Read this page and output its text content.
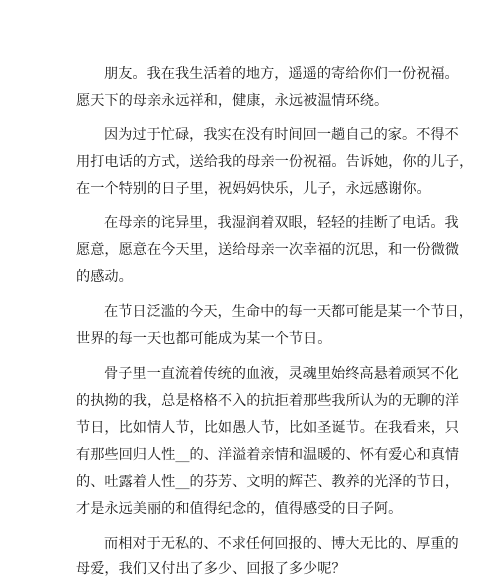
朋友。我在我生活着的地方，遥遥的寄给你们一份祝福。
愿天下的母亲永远祥和，健康，永远被温情环绕。
因为过于忙碌，我实在没有时间回一趟自己的家。不得不
用打电话的方式，送给我的母亲一份祝福。告诉她，你的儿子，
在一个特别的日子里，祝妈妈快乐，儿子，永远感谢你。
在母亲的诧异里，我湿润着双眼，轻轻的挂断了电话。我
愿意，愿意在今天里，送给母亲一次幸福的沉思，和一份微微
的感动。
在节日泛滥的今天，生命中的每一天都可能是某一个节日，
世界的每一天也都可能成为某一个节日。
骨子里一直流着传统的血液，灵魂里始终高悬着顽冥不化
的执拗的我，总是格格不入的抗拒着那些我所认为的无聊的洋
节日，比如情人节，比如愚人节，比如圣诞节。在我看来，只
有那些回归人性__的、洋溢着亲情和温暖的、怀有爱心和真情
的、吐露着人性__的芬芳、文明的辉芒、教养的光泽的节日，
才是永远美丽的和值得纪念的，值得感受的日子阿。
而相对于无私的、不求任何回报的、博大无比的、厚重的
母爱，我们又付出了多少、回报了多少呢？
